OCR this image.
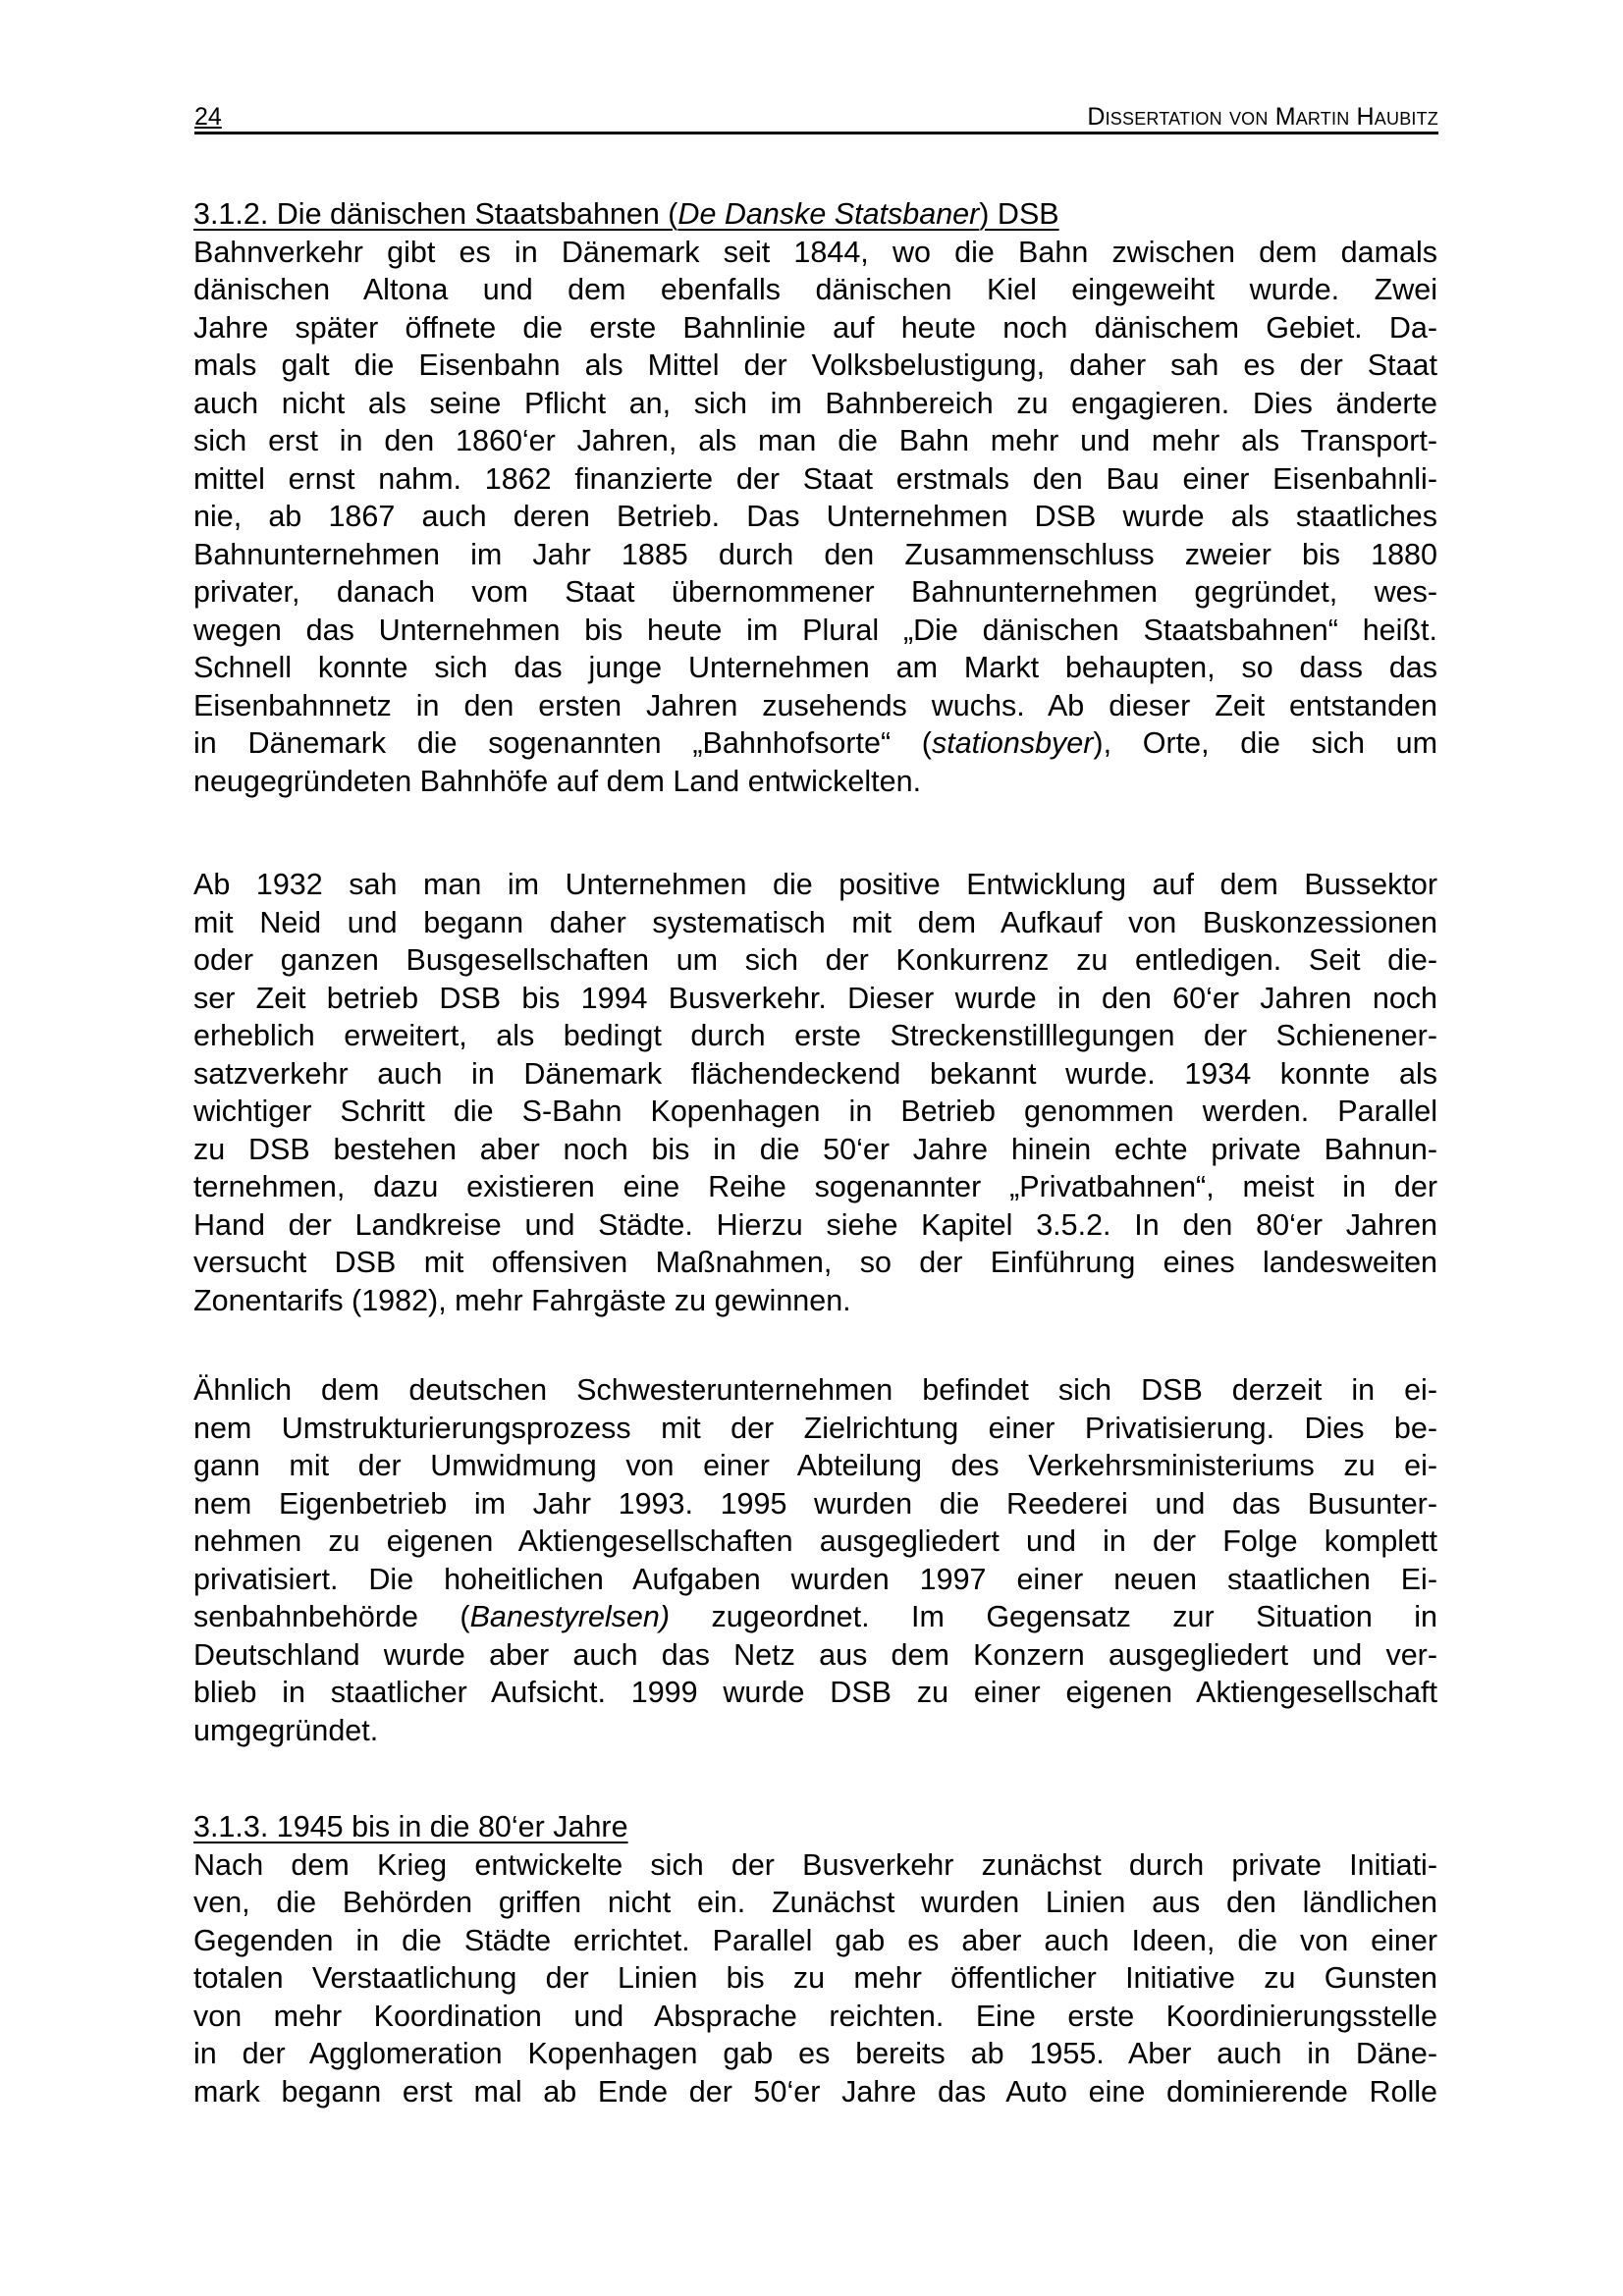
24	Dissertation von Martin Haubitz
3.1.2. Die dänischen Staatsbahnen (De Danske Statsbaner) DSB
Bahnverkehr gibt es in Dänemark seit 1844, wo die Bahn zwischen dem damals
dänischen Altona und dem ebenfalls dänischen Kiel eingeweiht wurde. Zwei
Jahre später öffnete die erste Bahnlinie auf heute noch dänischem Gebiet. Da-
mals galt die Eisenbahn als Mittel der Volksbelustigung, daher sah es der Staat
auch nicht als seine Pflicht an, sich im Bahnbereich zu engagieren. Dies änderte
sich erst in den 1860‘er Jahren, als man die Bahn mehr und mehr als Transport-
mittel ernst nahm. 1862 finanzierte der Staat erstmals den Bau einer Eisenbahnli-
nie, ab 1867 auch deren Betrieb. Das Unternehmen DSB wurde als staatliches
Bahnunternehmen im Jahr 1885 durch den Zusammenschluss zweier bis 1880
privater, danach vom Staat übernommener Bahnunternehmen gegründet, wes-
wegen das Unternehmen bis heute im Plural „Die dänischen Staatsbahnen“ heißt.
Schnell konnte sich das junge Unternehmen am Markt behaupten, so dass das
Eisenbahnnetz in den ersten Jahren zusehends wuchs. Ab dieser Zeit entstanden
in Dänemark die sogenannten „Bahnhofsorte“ (stationsbyer), Orte, die sich um
neugegründeten Bahnhöfe auf dem Land entwickelten.
Ab 1932 sah man im Unternehmen die positive Entwicklung auf dem Bussektor
mit Neid und begann daher systematisch mit dem Aufkauf von Buskonzessionen
oder ganzen Busgesellschaften um sich der Konkurrenz zu entledigen. Seit die-
ser Zeit betrieb DSB bis 1994 Busverkehr. Dieser wurde in den 60‘er Jahren noch
erheblich erweitert, als bedingt durch erste Streckenstilllegungen der Schienener-
satzverkehr auch in Dänemark flächendeckend bekannt wurde. 1934 konnte als
wichtiger Schritt die S-Bahn Kopenhagen in Betrieb genommen werden. Parallel
zu DSB bestehen aber noch bis in die 50‘er Jahre hinein echte private Bahnun-
ternehmen, dazu existieren eine Reihe sogenannter „Privatbahnen“, meist in der
Hand der Landkreise und Städte. Hierzu siehe Kapitel 3.5.2. In den 80‘er Jahren
versucht DSB mit offensiven Maßnahmen, so der Einführung eines landesweiten
Zonentarifs (1982), mehr Fahrgäste zu gewinnen.
Ähnlich dem deutschen Schwesterunternehmen befindet sich DSB derzeit in ei-
nem Umstrukturierungsprozess mit der Zielrichtung einer Privatisierung. Dies be-
gann mit der Umwidmung von einer Abteilung des Verkehrsministeriums zu ei-
nem Eigenbetrieb im Jahr 1993. 1995 wurden die Reederei und das Busunter-
nehmen zu eigenen Aktiengesellschaften ausgegliedert und in der Folge komplett
privatisiert. Die hoheitlichen Aufgaben wurden 1997 einer neuen staatlichen Ei-
senbahnbehörde (Banestyrelsen) zugeordnet. Im Gegensatz zur Situation in
Deutschland wurde aber auch das Netz aus dem Konzern ausgegliedert und ver-
blieb in staatlicher Aufsicht. 1999 wurde DSB zu einer eigenen Aktiengesellschaft
umgegründet.
3.1.3. 1945 bis in die 80‘er Jahre
Nach dem Krieg entwickelte sich der Busverkehr zunächst durch private Initiati-
ven, die Behörden griffen nicht ein. Zunächst wurden Linien aus den ländlichen
Gegenden in die Städte errichtet. Parallel gab es aber auch Ideen, die von einer
totalen Verstaatlichung der Linien bis zu mehr öffentlicher Initiative zu Gunsten
von mehr Koordination und Absprache reichten. Eine erste Koordinierungsstelle
in der Agglomeration Kopenhagen gab es bereits ab 1955. Aber auch in Däne-
mark begann erst mal ab Ende der 50‘er Jahre das Auto eine dominierende Rolle
